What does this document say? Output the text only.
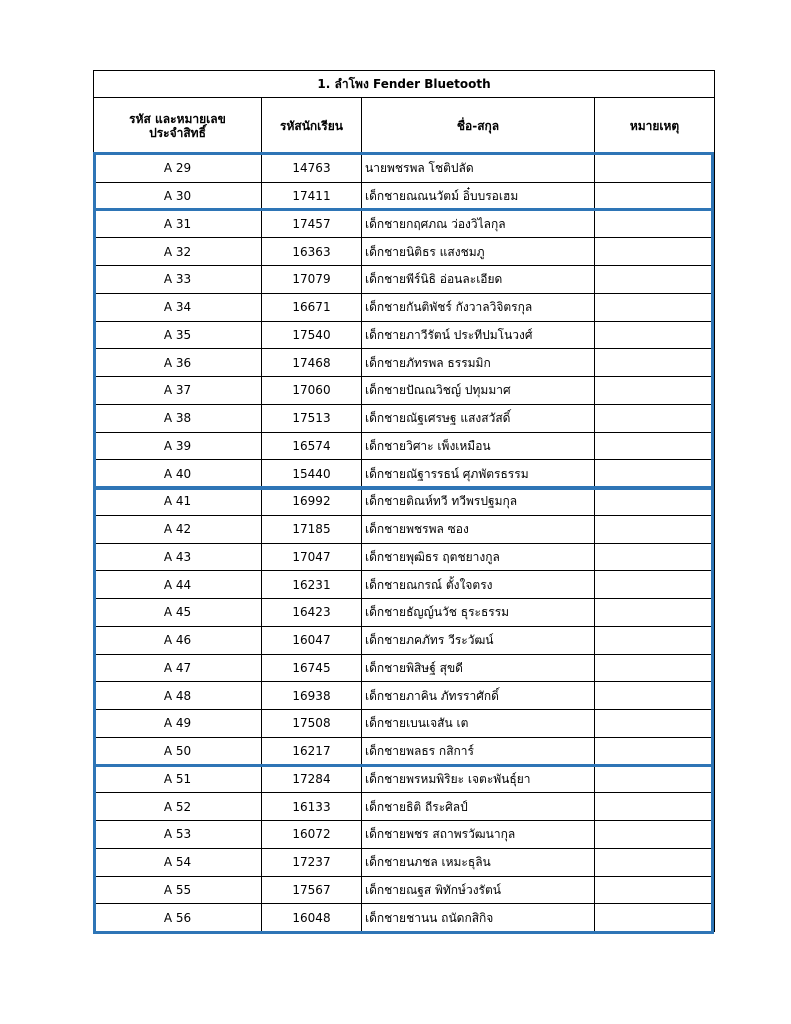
1. ลำโพง Fender Bluetooth			

รหัส และหมายเลข
ประจำสิทธิ์	รหัสนักเรียน	ชื่อ-สกุล	หมายเหตุ
A 29	14763	นายพชรพล โชติปลัด	
A 30	17411	เด็กชายณณนวัตม์ อิ๋บบรอเฮม	
A 31	17457	เด็กชายกฤศภณ ว่องวิไลกุล	
A 32	16363	เด็กชายนิติธร แสงชมภู	
A 33	17079	เด็กชายพีร์นิธิ อ่อนละเอียด	
A 34	16671	เด็กชายกันติพัชร์ กังวาลวิจิตรกุล	
A 35	17540	เด็กชายภาวีรัตน์ ประทีปมโนวงศ์	
A 36	17468	เด็กชายภัทรพล ธรรมมิก	
A 37	17060	เด็กชายปัณณวิชญ์ ปทุมมาศ	
A 38	17513	เด็กชายณัฐเศรษฐ แสงสวัสดิ์	
A 39	16574	เด็กชายวิศาะ เพ็งเหมือน	
A 40	15440	เด็กชายณัฐารรธน์ ศุภพัตรธรรม	
A 41	16992	เด็กชายติณห์ทวี ทวีพรปฐมกุล	
A 42	17185	เด็กชายพชรพล ซอง	
A 43	17047	เด็กชายพุฒิธร ฤตชยางกูล	
A 44	16231	เด็กชายณกรณ์ ตั้งใจตรง	
A 45	16423	เด็กชายธัญญ์นวัช ธุระธรรม	
A 46	16047	เด็กชายภคภัทร วีระวัฒน์	
A 47	16745	เด็กชายพิสิษฐ์ สุขดี	
A 48	16938	เด็กชายภาคิน ภัทรราศักดิ์	
A 49	17508	เด็กชายเบนเจสัน เต	
A 50	16217	เด็กชายพลธร กสิการ์	
A 51	17284	เด็กชายพรหมพิริยะ เจตะพันธุ์ยา	
A 52	16133	เด็กชายธิติ ถีระศิลป์	
A 53	16072	เด็กชายพชร สถาพรวัฒนากุล	
A 54	17237	เด็กชายนภชล เหมะธุลิน	
A 55	17567	เด็กชายณฐส พิทักษ์วงรัตน์	
A 56	16048	เด็กชายชานน ถนัดกสิกิจ	
